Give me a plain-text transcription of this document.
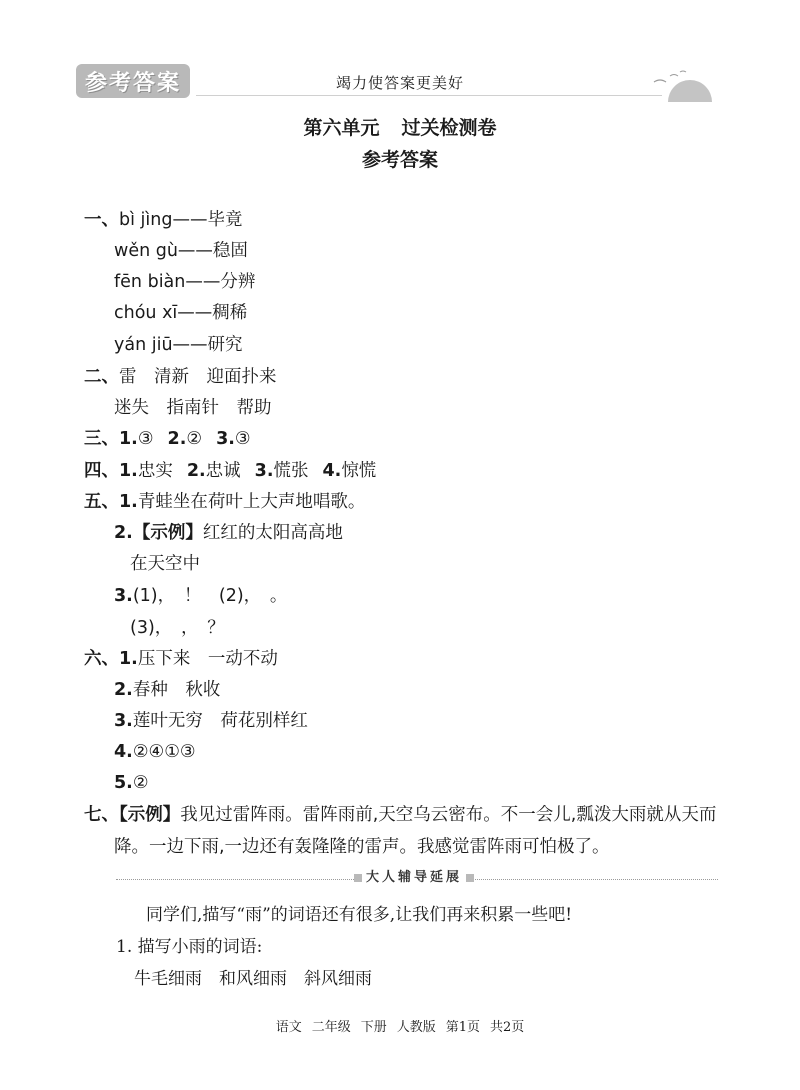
参考答案	竭力使答案更美好
第六单元 过关检测卷
参考答案
一、bì jìng——毕竟
wěn gù——稳固
fēn biàn——分辨
chóu xī——稠稀
yán jiū——研究
二、雷　清新　迎面扑来
迷失　指南针　帮助
三、1.③ 2.② 3.③
四、1.忠实 2.忠诚 3.慌张 4.惊慌
五、1.青蛙坐在荷叶上大声地唱歌。
2.【示例】红红的太阳高高地
在天空中
3.(1)，　！　(2)，　。
(3)，　，　？
六、1.压下来　一动不动
2.春种　秋收
3.莲叶无穷　荷花别样红
4.②④①③
5.②
七、【示例】我见过雷阵雨。雷阵雨前,天空乌云密布。不一会儿,瓢泼大雨就从天而
降。一边下雨,一边还有轰隆隆的雷声。我感觉雷阵雨可怕极了。
大人辅导延展
同学们,描写“雨”的词语还有很多,让我们再来积累一些吧!
1. 描写小雨的词语:
牛毛细雨　和风细雨　斜风细雨
语文 二年级 下册 人教版 第1页 共2页
